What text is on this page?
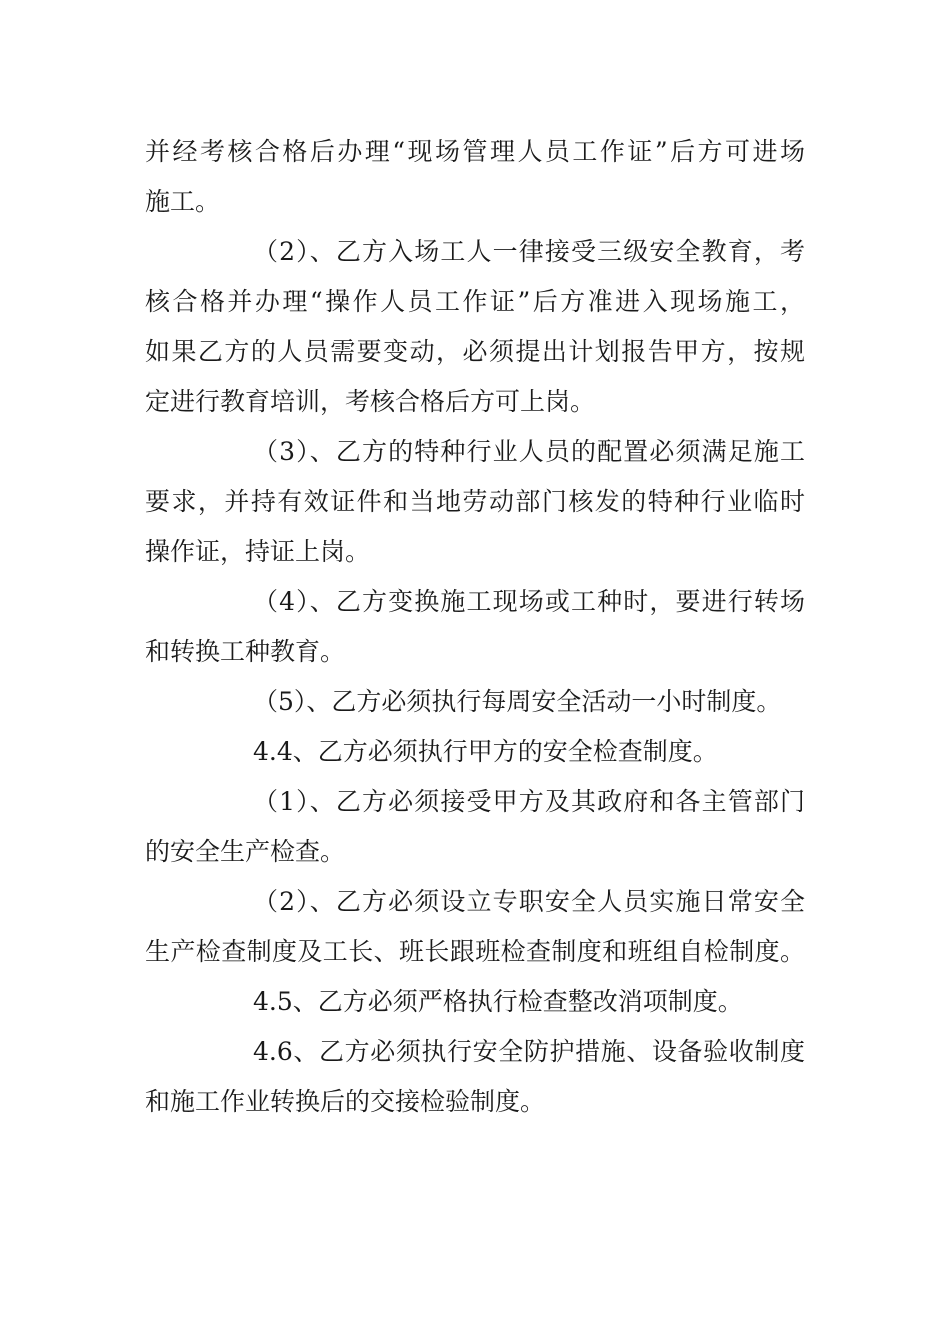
并经考核合格后办理“现场管理人员工作证”后方可进场
施工。
（2）、乙方入场工人一律接受三级安全教育，考
核合格并办理“操作人员工作证”后方准进入现场施工，
如果乙方的人员需要变动，必须提出计划报告甲方，按规
定进行教育培训，考核合格后方可上岗。
（3）、乙方的特种行业人员的配置必须满足施工
要求，并持有效证件和当地劳动部门核发的特种行业临时
操作证，持证上岗。
（4）、乙方变换施工现场或工种时，要进行转场
和转换工种教育。
（5）、乙方必须执行每周安全活动一小时制度。
4.4、乙方必须执行甲方的安全检查制度。
（1）、乙方必须接受甲方及其政府和各主管部门
的安全生产检查。
（2）、乙方必须设立专职安全人员实施日常安全
生产检查制度及工长、班长跟班检查制度和班组自检制度。
4.5、乙方必须严格执行检查整改消项制度。
4.6、乙方必须执行安全防护措施、设备验收制度
和施工作业转换后的交接检验制度。
